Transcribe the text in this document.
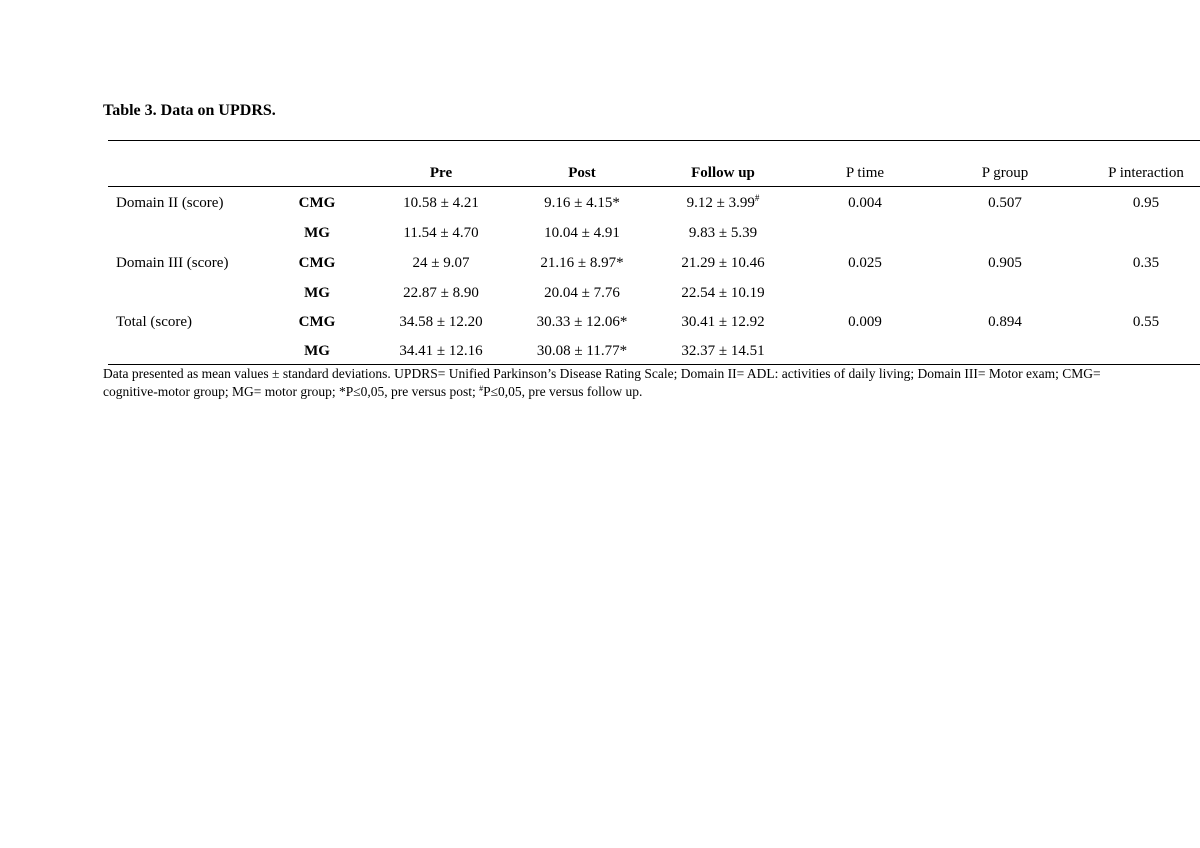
Table 3. Data on UPDRS.
Pre	Post	Follow up	P time	P group	P interaction
Domain II (score)	CMG	10.58 ± 4.21	9.16 ± 4.15*	9.12 ± 3.99#	0.004	0.507	0.95
MG	11.54 ± 4.70	10.04 ± 4.91	9.83 ± 5.39
Domain III (score)	CMG	24 ± 9.07	21.16 ± 8.97*	21.29 ± 10.46	0.025	0.905	0.35
MG	22.87 ± 8.90	20.04 ± 7.76	22.54 ± 10.19
Total (score)	CMG	34.58 ± 12.20	30.33 ± 12.06*	30.41 ± 12.92	0.009	0.894	0.55
MG	34.41 ± 12.16	30.08 ± 11.77*	32.37 ± 14.51
Data presented as mean values ± standard deviations. UPDRS= Unified Parkinson’s Disease Rating Scale; Domain II= ADL: activities of daily living; Domain III= Motor exam; CMG= cognitive-motor group; MG= motor group; *P≤0,05, pre versus post; #P≤0,05, pre versus follow up.
